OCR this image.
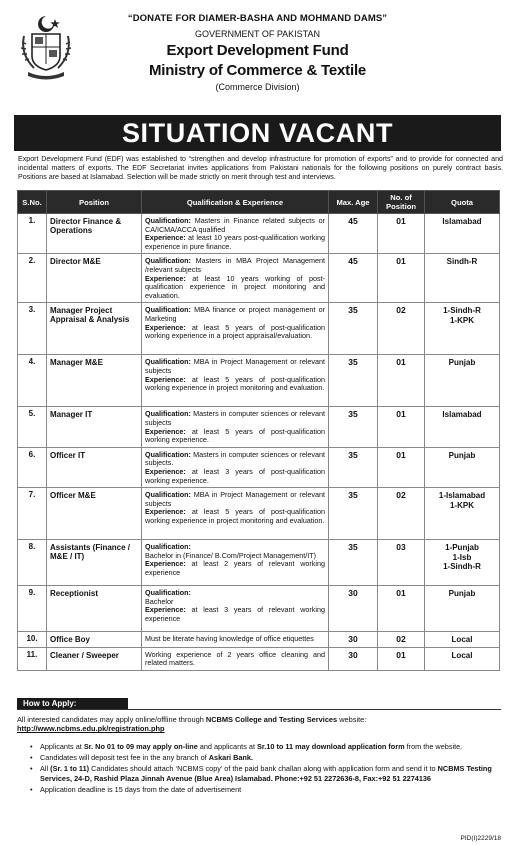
“DONATE FOR DIAMER-BASHA AND MOHMAND DAMS”
GOVERNMENT OF PAKISTAN
Export Development Fund
Ministry of Commerce & Textile
(Commerce Division)
SITUATION VACANT
Export Development Fund (EDF) was established to “strengthen and develop infrastructure for promotion of exports” and to provide for connected and incidental matters of exports. The EDF Secretariat invites applications from Pakistani nationals for the following positions on purely contract basis. Positions are based at Islamabad. Selection will be made strictly on merit through test and interviews.
S.No.	Position	Qualification & Experience	Max. Age	No. of Position	Quota
1.	Director Finance & Operations	Qualification: Masters in Finance related subjects or CA/ICMA/ACCA qualified
Experience: at least 10 years post-qualification working experience in pure finance.	45	01	Islamabad
2.	Director M&E	Qualification: Masters in MBA Project Management /relevant subjects
Experience: at least 10 years working of post-qualification experience in project monitoring and evaluation.	45	01	Sindh-R
3.	Manager Project Appraisal & Analysis	Qualification: MBA finance or project management or Marketing
Experience: at least 5 years of post-qualification working experience in a project appraisal/evaluation.	35	02	1-Sindh-R
1-KPK
4.	Manager M&E	Qualification: MBA in Project Management or relevant subjects
Experience: at least 5 years of post-qualification working experience in project monitoring and evaluation.	35	01	Punjab
5.	Manager IT	Qualification: Masters in computer sciences or relevant subjects
Experience: at least 5 years of post-qualification working experience.	35	01	Islamabad
6.	Officer IT	Qualification: Masters in computer sciences or relevant subjects.
Experience: at least 3 years of post-qualification working experience.	35	01	Punjab
7.	Officer M&E	Qualification: MBA in Project Management or relevant subjects
Experience: at least 5 years of post-qualification working experience in project monitoring and evaluation.	35	02	1-Islamabad
1-KPK
8.	Assistants (Finance / M&E / IT)	Qualification:
Bachelor in (Finance/ B.Com/Project Management/IT)
Experience: at least 2 years of relevant working experience	35	03	1-Punjab
1-Isb
1-Sindh-R
9.	Receptionist	Qualification:
Bachelor
Experience: at least 3 years of relevant working experience	30	01	Punjab
10.	Office Boy	Must be literate having knowledge of office etiquettes	30	02	Local
11.	Cleaner / Sweeper	Working experience of 2 years office cleaning and related matters.	30	01	Local
How to Apply:
All interested candidates may apply online/offline through NCBMS College and Testing Services website:
http://www.ncbms.edu.pk/registration.php
• Applicants at Sr. No 01 to 09 may apply on-line and applicants at Sr.10 to 11 may download application form from the website.
• Candidates will deposit test fee in the any branch of Askari Bank.
• All (Sr. 1 to 11) Candidates should attach ‘NCBMS copy’ of the paid bank challan along with application form and send it to NCBMS Testing Services, 24-D, Rashid Plaza Jinnah Avenue (Blue Area) Islamabad. Phone:+92 51 2272636-8, Fax:+92 51 2274136
• Application deadline is 15 days from the date of advertisement
PID(I)2229/18
